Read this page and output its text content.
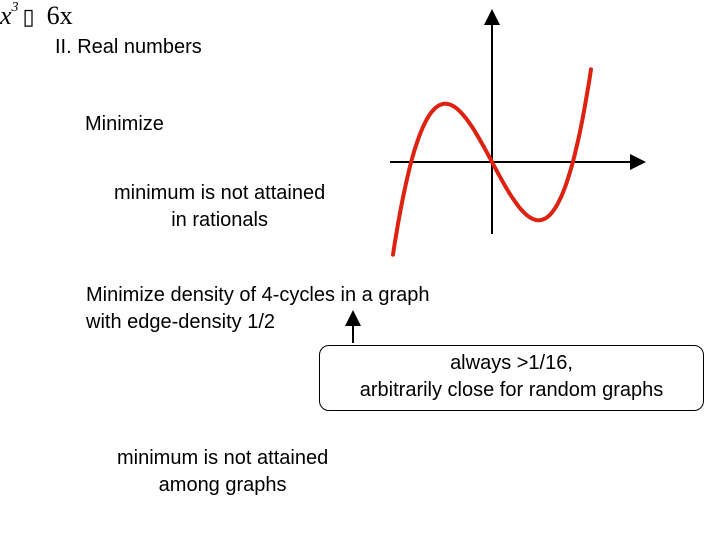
II. Real numbers
Minimize
$x^3$ ▯ 6x
minimum is not attained
in rationals
Minimize density of 4-cycles in a graph
with edge-density 1/2
always >1/16,
arbitrarily close for random graphs
minimum is not attained
among graphs
